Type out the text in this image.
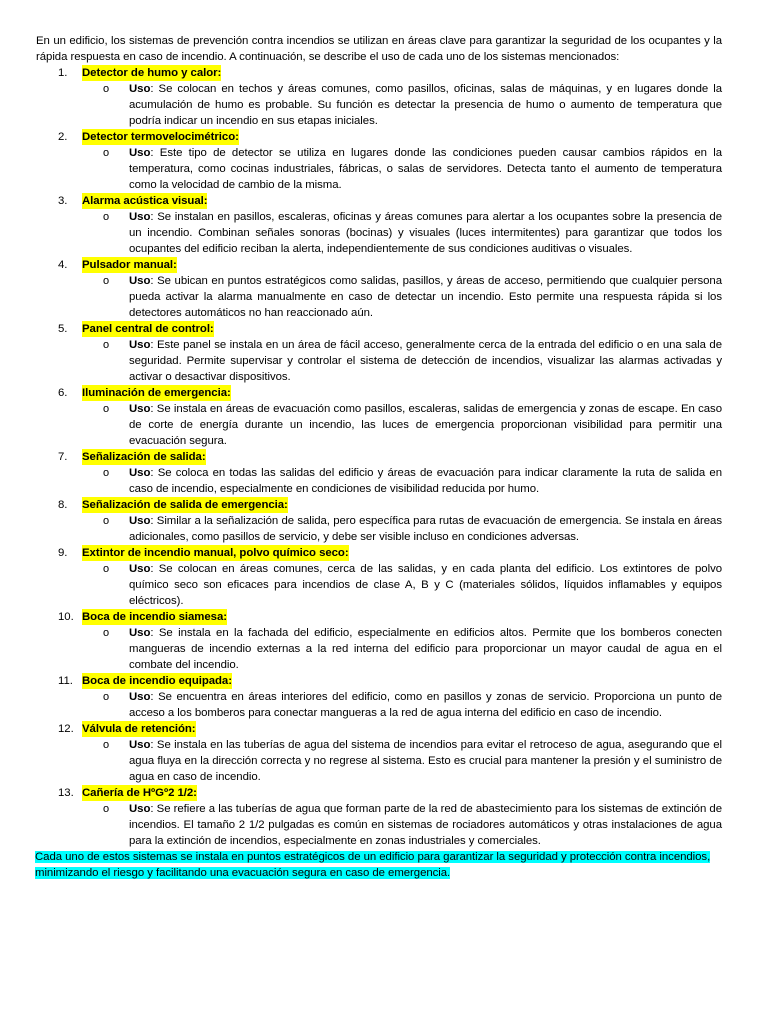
En un edificio, los sistemas de prevención contra incendios se utilizan en áreas clave para garantizar la seguridad de los ocupantes y la rápida respuesta en caso de incendio. A continuación, se describe el uso de cada uno de los sistemas mencionados:

1.	Detector de humo y calor:
o	Uso: Se colocan en techos y áreas comunes, como pasillos, oficinas, salas de máquinas, y en lugares donde la acumulación de humo es probable. Su función es detectar la presencia de humo o aumento de temperatura que podría indicar un incendio en sus etapas iniciales.
2.	Detector termovelocimétrico:
o	Uso: Este tipo de detector se utiliza en lugares donde las condiciones pueden causar cambios rápidos en la temperatura, como cocinas industriales, fábricas, o salas de servidores. Detecta tanto el aumento de temperatura como la velocidad de cambio de la misma.
3.	Alarma acústica visual:
o	Uso: Se instalan en pasillos, escaleras, oficinas y áreas comunes para alertar a los ocupantes sobre la presencia de un incendio. Combinan señales sonoras (bocinas) y visuales (luces intermitentes) para garantizar que todos los ocupantes del edificio reciban la alerta, independientemente de sus condiciones auditivas o visuales.
4.	Pulsador manual:
o	Uso: Se ubican en puntos estratégicos como salidas, pasillos, y áreas de acceso, permitiendo que cualquier persona pueda activar la alarma manualmente en caso de detectar un incendio. Esto permite una respuesta rápida si los detectores automáticos no han reaccionado aún.
5.	Panel central de control:
o	Uso: Este panel se instala en un área de fácil acceso, generalmente cerca de la entrada del edificio o en una sala de seguridad. Permite supervisar y controlar el sistema de detección de incendios, visualizar las alarmas activadas y activar o desactivar dispositivos.
6.	Iluminación de emergencia:
o	Uso: Se instala en áreas de evacuación como pasillos, escaleras, salidas de emergencia y zonas de escape. En caso de corte de energía durante un incendio, las luces de emergencia proporcionan visibilidad para permitir una evacuación segura.
7.	Señalización de salida:
o	Uso: Se coloca en todas las salidas del edificio y áreas de evacuación para indicar claramente la ruta de salida en caso de incendio, especialmente en condiciones de visibilidad reducida por humo.
8.	Señalización de salida de emergencia:
o	Uso: Similar a la señalización de salida, pero específica para rutas de evacuación de emergencia. Se instala en áreas adicionales, como pasillos de servicio, y debe ser visible incluso en condiciones adversas.
9.	Extintor de incendio manual, polvo químico seco:
o	Uso: Se colocan en áreas comunes, cerca de las salidas, y en cada planta del edificio. Los extintores de polvo químico seco son eficaces para incendios de clase A, B y C (materiales sólidos, líquidos inflamables y equipos eléctricos).
10. Boca de incendio siamesa:
o	Uso: Se instala en la fachada del edificio, especialmente en edificios altos. Permite que los bomberos conecten mangueras de incendio externas a la red interna del edificio para proporcionar un mayor caudal de agua en el combate del incendio.
11. Boca de incendio equipada:
o	Uso: Se encuentra en áreas interiores del edificio, como en pasillos y zonas de servicio. Proporciona un punto de acceso a los bomberos para conectar mangueras a la red de agua interna del edificio en caso de incendio.
12. Válvula de retención:
o	Uso: Se instala en las tuberías de agua del sistema de incendios para evitar el retroceso de agua, asegurando que el agua fluya en la dirección correcta y no regrese al sistema. Esto es crucial para mantener la presión y el suministro de agua en caso de incendio.
13. Cañería de HºGº2 1/2:
o	Uso: Se refiere a las tuberías de agua que forman parte de la red de abastecimiento para los sistemas de extinción de incendios. El tamaño 2 1/2 pulgadas es común en sistemas de rociadores automáticos y otras instalaciones de agua para la extinción de incendios, especialmente en zonas industriales y comerciales.

Cada uno de estos sistemas se instala en puntos estratégicos de un edificio para garantizar la seguridad y protección contra incendios, minimizando el riesgo y facilitando una evacuación segura en caso de emergencia.
